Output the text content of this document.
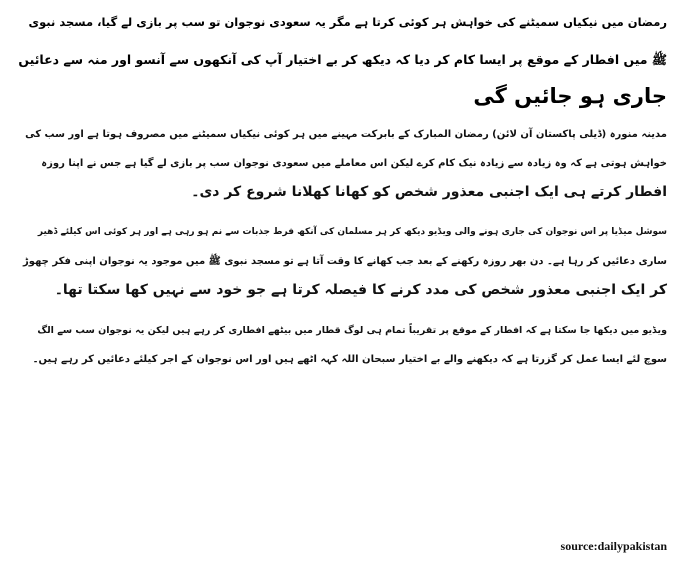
رمضان میں نیکیاں سمیٹنے کی خواہش ہر کوئی کرتا ہے مگر یہ سعودی نوجوان تو سب پر بازی لے گیا، مسجد نبوی
ﷺ میں افطار کے موقع پر ایسا کام کر دیا کہ دیکھ کر بے اختیار آپ کی آنکھوں سے آنسو اور منہ سے دعائیں
جاری ہو جائیں گی

مدینہ منورہ (ڈیلی پاکستان آن لائن) رمضان المبارک کے بابرکت مہینے میں ہر کوئی نیکیاں سمیٹنے میں مصروف ہوتا ہے اور سب کی
خواہش ہوتی ہے کہ وہ زیادہ سے زیادہ نیک کام کرے لیکن اس معاملے میں سعودی نوجوان سب پر بازی لے گیا ہے جس نے اپنا روزہ
افطار کرتے ہی ایک اجنبی معذور شخص کو کھانا کھلانا شروع کر دی۔

سوشل میڈیا پر اس نوجوان کی جاری ہونے والی ویڈیو دیکھ کر ہر مسلمان کی آنکھ فرط جذبات سے نم ہو رہی ہے اور ہر کوئی اس کیلئے ڈھیر
ساری دعائیں کر رہا ہے۔ دن بھر روزہ رکھنے کے بعد جب کھانے کا وقت آتا ہے تو مسجد نبوی ﷺ میں موجود یہ نوجوان اپنی فکر چھوڑ
کر ایک اجنبی معذور شخص کی مدد کرنے کا فیصلہ کرتا ہے جو خود سے نہیں کھا سکتا تھا۔

ویڈیو میں دیکھا جا سکتا ہے کہ افطار کے موقع پر تقریباً تمام ہی لوگ قطار میں بیٹھے افطاری کر رہے ہیں لیکن یہ نوجوان سب سے الگ
سوچ لئے ایسا عمل کر گزرتا ہے کہ دیکھنے والے بے اختیار سبحان اللہ کہہ اٹھے ہیں اور اس نوجوان کے اجر کیلئے دعائیں کر رہے ہیں۔

source:dailypakistan
